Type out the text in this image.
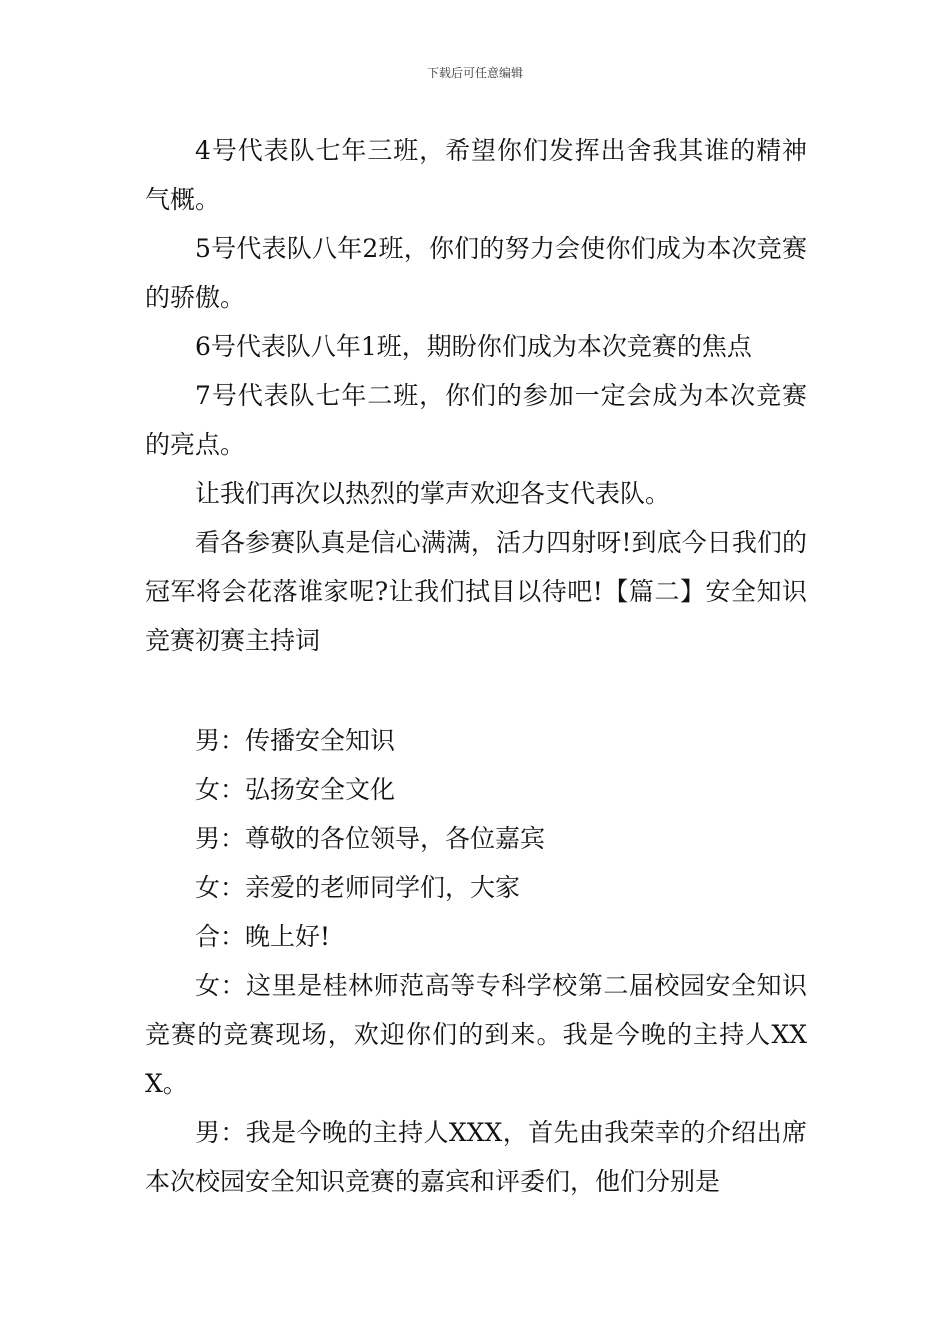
下载后可任意编辑

4号代表队七年三班，希望你们发挥出舍我其谁的精神气概。

5号代表队八年2班，你们的努力会使你们成为本次竞赛的骄傲。

6号代表队八年1班，期盼你们成为本次竞赛的焦点

7号代表队七年二班，你们的参加一定会成为本次竞赛的亮点。

让我们再次以热烈的掌声欢迎各支代表队。

看各参赛队真是信心满满，活力四射呀!到底今日我们的冠军将会花落谁家呢?让我们拭目以待吧!【篇二】安全知识竞赛初赛主持词

男：传播安全知识

女：弘扬安全文化

男：尊敬的各位领导，各位嘉宾

女：亲爱的老师同学们，大家

合：晚上好!

女：这里是桂林师范高等专科学校第二届校园安全知识竞赛的竞赛现场，欢迎你们的到来。我是今晚的主持人XXX。

男：我是今晚的主持人XXX，首先由我荣幸的介绍出席本次校园安全知识竞赛的嘉宾和评委们，他们分别是
